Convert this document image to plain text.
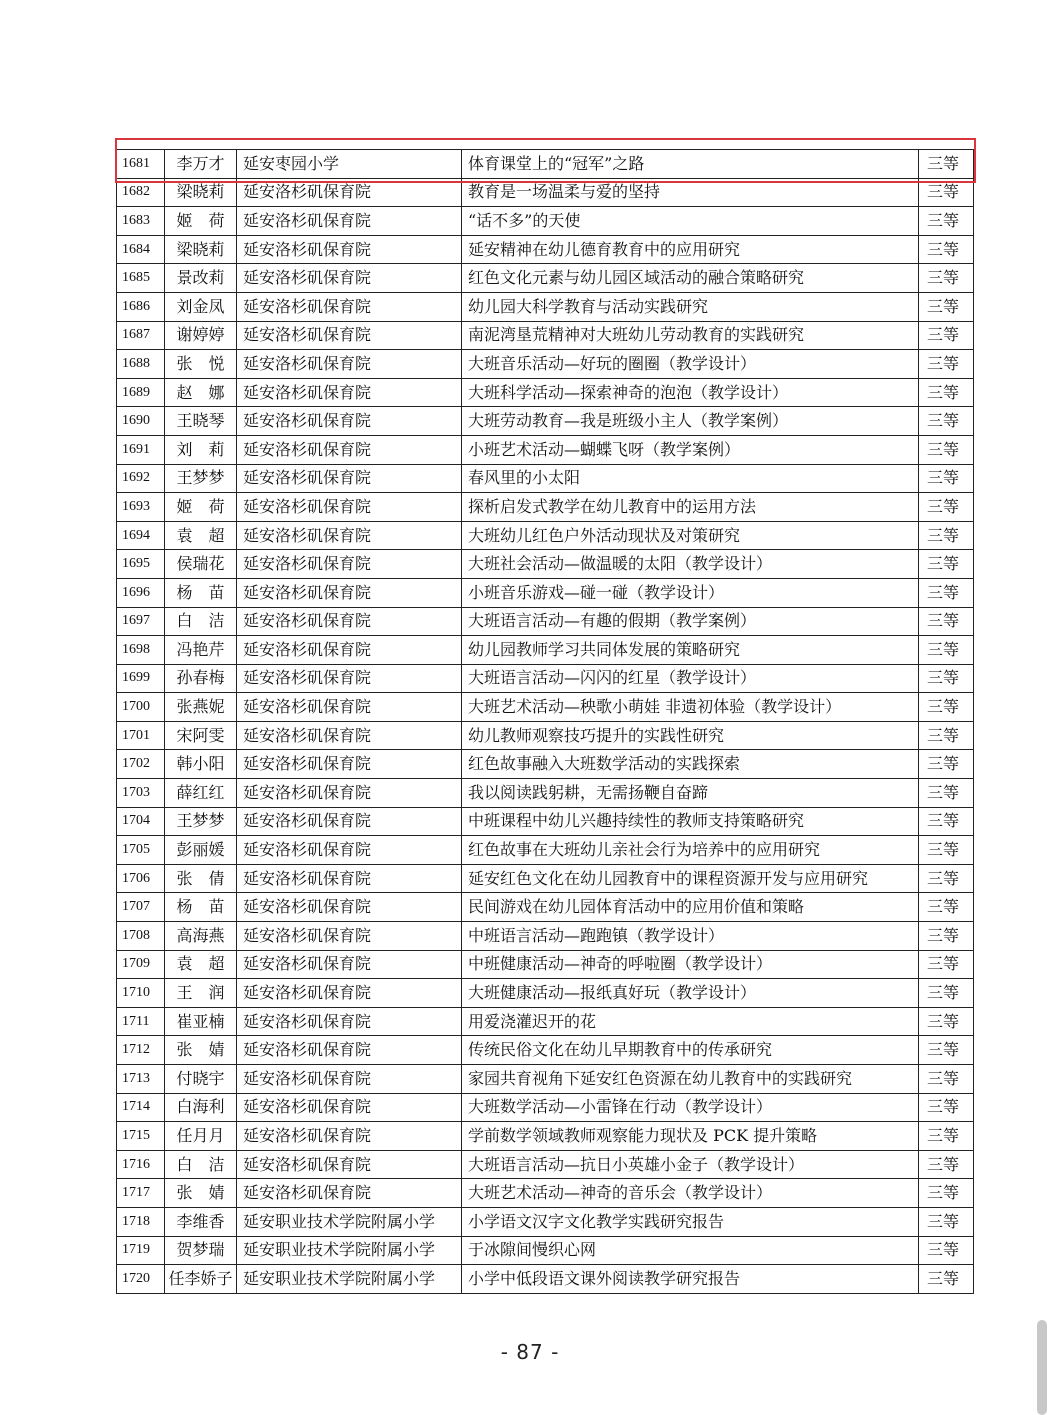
1681	李万才	延安枣园小学	体育课堂上的“冠军”之路	三等
1682	梁晓莉	延安洛杉矶保育院	教育是一场温柔与爱的坚持	三等
1683	姬　荷	延安洛杉矶保育院	“话不多”的天使	三等
1684	梁晓莉	延安洛杉矶保育院	延安精神在幼儿德育教育中的应用研究	三等
1685	景改莉	延安洛杉矶保育院	红色文化元素与幼儿园区域活动的融合策略研究	三等
1686	刘金凤	延安洛杉矶保育院	幼儿园大科学教育与活动实践研究	三等
1687	谢婷婷	延安洛杉矶保育院	南泥湾垦荒精神对大班幼儿劳动教育的实践研究	三等
1688	张　悦	延安洛杉矶保育院	大班音乐活动—好玩的圈圈（教学设计）	三等
1689	赵　娜	延安洛杉矶保育院	大班科学活动—探索神奇的泡泡（教学设计）	三等
1690	王晓琴	延安洛杉矶保育院	大班劳动教育—我是班级小主人（教学案例）	三等
1691	刘　莉	延安洛杉矶保育院	小班艺术活动—蝴蝶飞呀（教学案例）	三等
1692	王梦梦	延安洛杉矶保育院	春风里的小太阳	三等
1693	姬　荷	延安洛杉矶保育院	探析启发式教学在幼儿教育中的运用方法	三等
1694	袁　超	延安洛杉矶保育院	大班幼儿红色户外活动现状及对策研究	三等
1695	侯瑞花	延安洛杉矶保育院	大班社会活动—做温暖的太阳（教学设计）	三等
1696	杨　苗	延安洛杉矶保育院	小班音乐游戏—碰一碰（教学设计）	三等
1697	白　洁	延安洛杉矶保育院	大班语言活动—有趣的假期（教学案例）	三等
1698	冯艳芹	延安洛杉矶保育院	幼儿园教师学习共同体发展的策略研究	三等
1699	孙春梅	延安洛杉矶保育院	大班语言活动—闪闪的红星（教学设计）	三等
1700	张燕妮	延安洛杉矶保育院	大班艺术活动—秧歌小萌娃 非遗初体验（教学设计）	三等
1701	宋阿雯	延安洛杉矶保育院	幼儿教师观察技巧提升的实践性研究	三等
1702	韩小阳	延安洛杉矶保育院	红色故事融入大班数学活动的实践探索	三等
1703	薛红红	延安洛杉矶保育院	我以阅读践躬耕，无需扬鞭自奋蹄	三等
1704	王梦梦	延安洛杉矶保育院	中班课程中幼儿兴趣持续性的教师支持策略研究	三等
1705	彭丽媛	延安洛杉矶保育院	红色故事在大班幼儿亲社会行为培养中的应用研究	三等
1706	张　倩	延安洛杉矶保育院	延安红色文化在幼儿园教育中的课程资源开发与应用研究	三等
1707	杨　苗	延安洛杉矶保育院	民间游戏在幼儿园体育活动中的应用价值和策略	三等
1708	高海燕	延安洛杉矶保育院	中班语言活动—跑跑镇（教学设计）	三等
1709	袁　超	延安洛杉矶保育院	中班健康活动—神奇的呼啦圈（教学设计）	三等
1710	王　润	延安洛杉矶保育院	大班健康活动—报纸真好玩（教学设计）	三等
1711	崔亚楠	延安洛杉矶保育院	用爱浇灌迟开的花	三等
1712	张　婧	延安洛杉矶保育院	传统民俗文化在幼儿早期教育中的传承研究	三等
1713	付晓宇	延安洛杉矶保育院	家园共育视角下延安红色资源在幼儿教育中的实践研究	三等
1714	白海利	延安洛杉矶保育院	大班数学活动—小雷锋在行动（教学设计）	三等
1715	任月月	延安洛杉矶保育院	学前数学领域教师观察能力现状及 PCK 提升策略	三等
1716	白　洁	延安洛杉矶保育院	大班语言活动—抗日小英雄小金子（教学设计）	三等
1717	张　婧	延安洛杉矶保育院	大班艺术活动—神奇的音乐会（教学设计）	三等
1718	李维香	延安职业技术学院附属小学	小学语文汉字文化教学实践研究报告	三等
1719	贺梦瑞	延安职业技术学院附属小学	于冰隙间慢织心网	三等
1720	任李娇子	延安职业技术学院附属小学	小学中低段语文课外阅读教学研究报告	三等
- 87 -
